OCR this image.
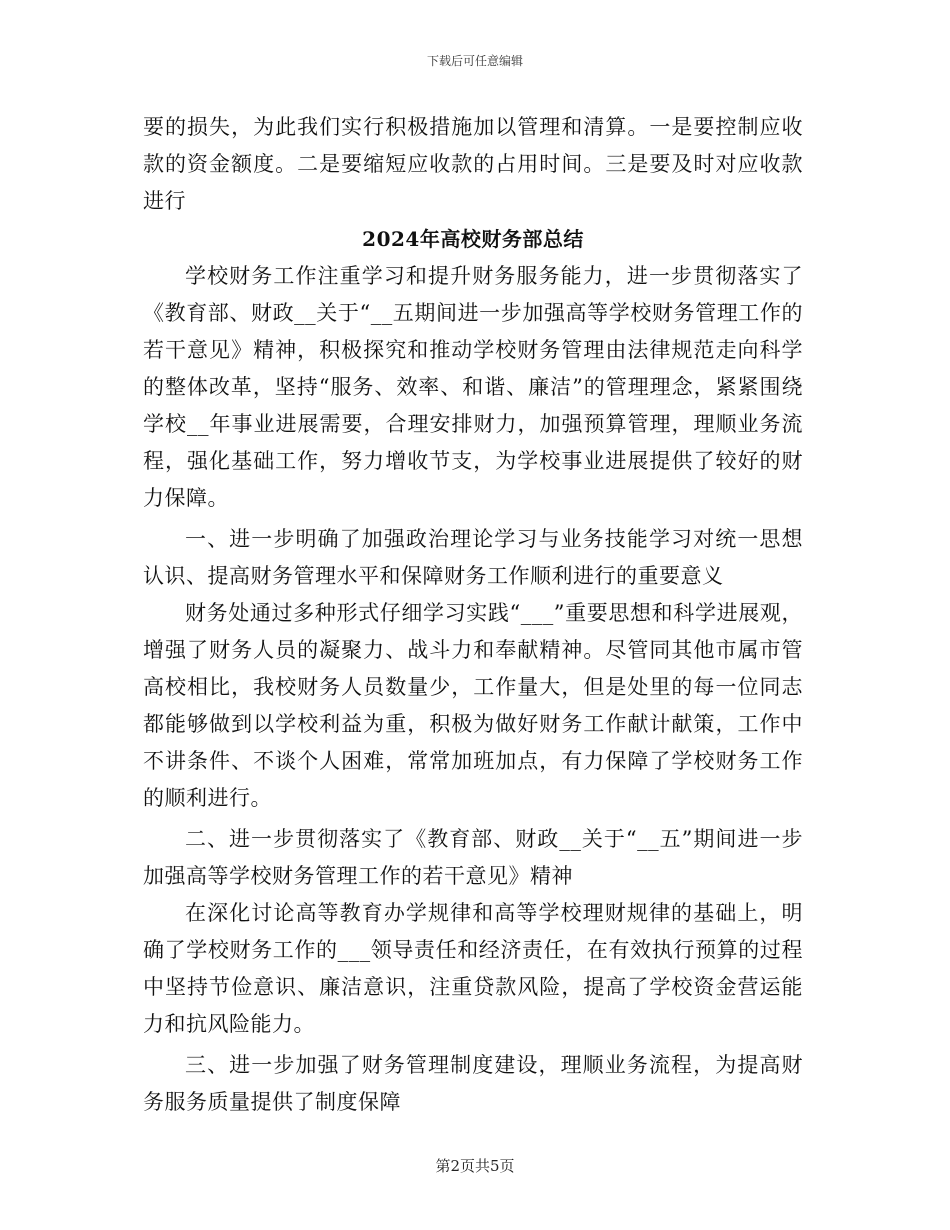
下载后可任意编辑

要的损失，为此我们实行积极措施加以管理和清算。一是要控制应收款的资金额度。二是要缩短应收款的占用时间。三是要及时对应收款进行

2024年高校财务部总结

学校财务工作注重学习和提升财务服务能力，进一步贯彻落实了《教育部、财政__关于“__五期间进一步加强高等学校财务管理工作的若干意见》精神，积极探究和推动学校财务管理由法律规范走向科学的整体改革，坚持“服务、效率、和谐、廉洁”的管理理念，紧紧围绕学校__年事业进展需要，合理安排财力，加强预算管理，理顺业务流程，强化基础工作，努力增收节支，为学校事业进展提供了较好的财力保障。

一、进一步明确了加强政治理论学习与业务技能学习对统一思想认识、提高财务管理水平和保障财务工作顺利进行的重要意义

财务处通过多种形式仔细学习实践“___”重要思想和科学进展观，增强了财务人员的凝聚力、战斗力和奉献精神。尽管同其他市属市管高校相比，我校财务人员数量少，工作量大，但是处里的每一位同志都能够做到以学校利益为重，积极为做好财务工作献计献策，工作中不讲条件、不谈个人困难，常常加班加点，有力保障了学校财务工作的顺利进行。

二、进一步贯彻落实了《教育部、财政__关于“__五”期间进一步加强高等学校财务管理工作的若干意见》精神

在深化讨论高等教育办学规律和高等学校理财规律的基础上，明确了学校财务工作的___领导责任和经济责任，在有效执行预算的过程中坚持节俭意识、廉洁意识，注重贷款风险，提高了学校资金营运能力和抗风险能力。

三、进一步加强了财务管理制度建设，理顺业务流程，为提高财务服务质量提供了制度保障

第2页共5页
